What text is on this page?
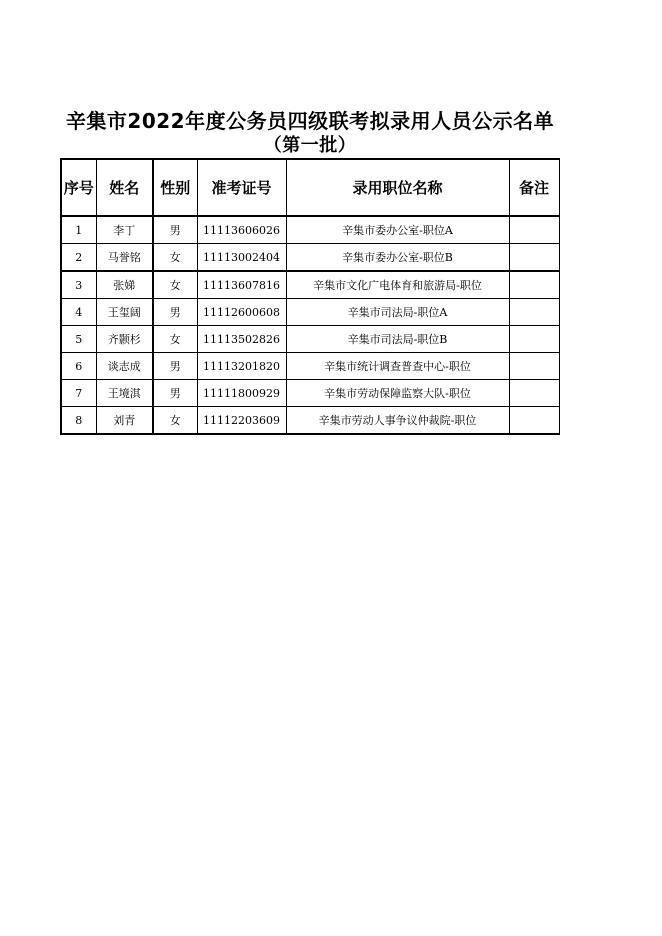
辛集市2022年度公务员四级联考拟录用人员公示名单
（第一批）
序号	姓名	性别	准考证号	录用职位名称	备注
1	李丁	男	11113606026	辛集市委办公室-职位A	
2	马誉铭	女	11113002404	辛集市委办公室-职位B	
3	张娣	女	11113607816	辛集市文化广电体育和旅游局-职位	
4	王玺阔	男	11112600608	辛集市司法局-职位A	
5	齐颢杉	女	11113502826	辛集市司法局-职位B	
6	谈志成	男	11113201820	辛集市统计调查普查中心-职位	
7	王境淇	男	11111800929	辛集市劳动保障监察大队-职位	
8	刘青	女	11112203609	辛集市劳动人事争议仲裁院-职位	
